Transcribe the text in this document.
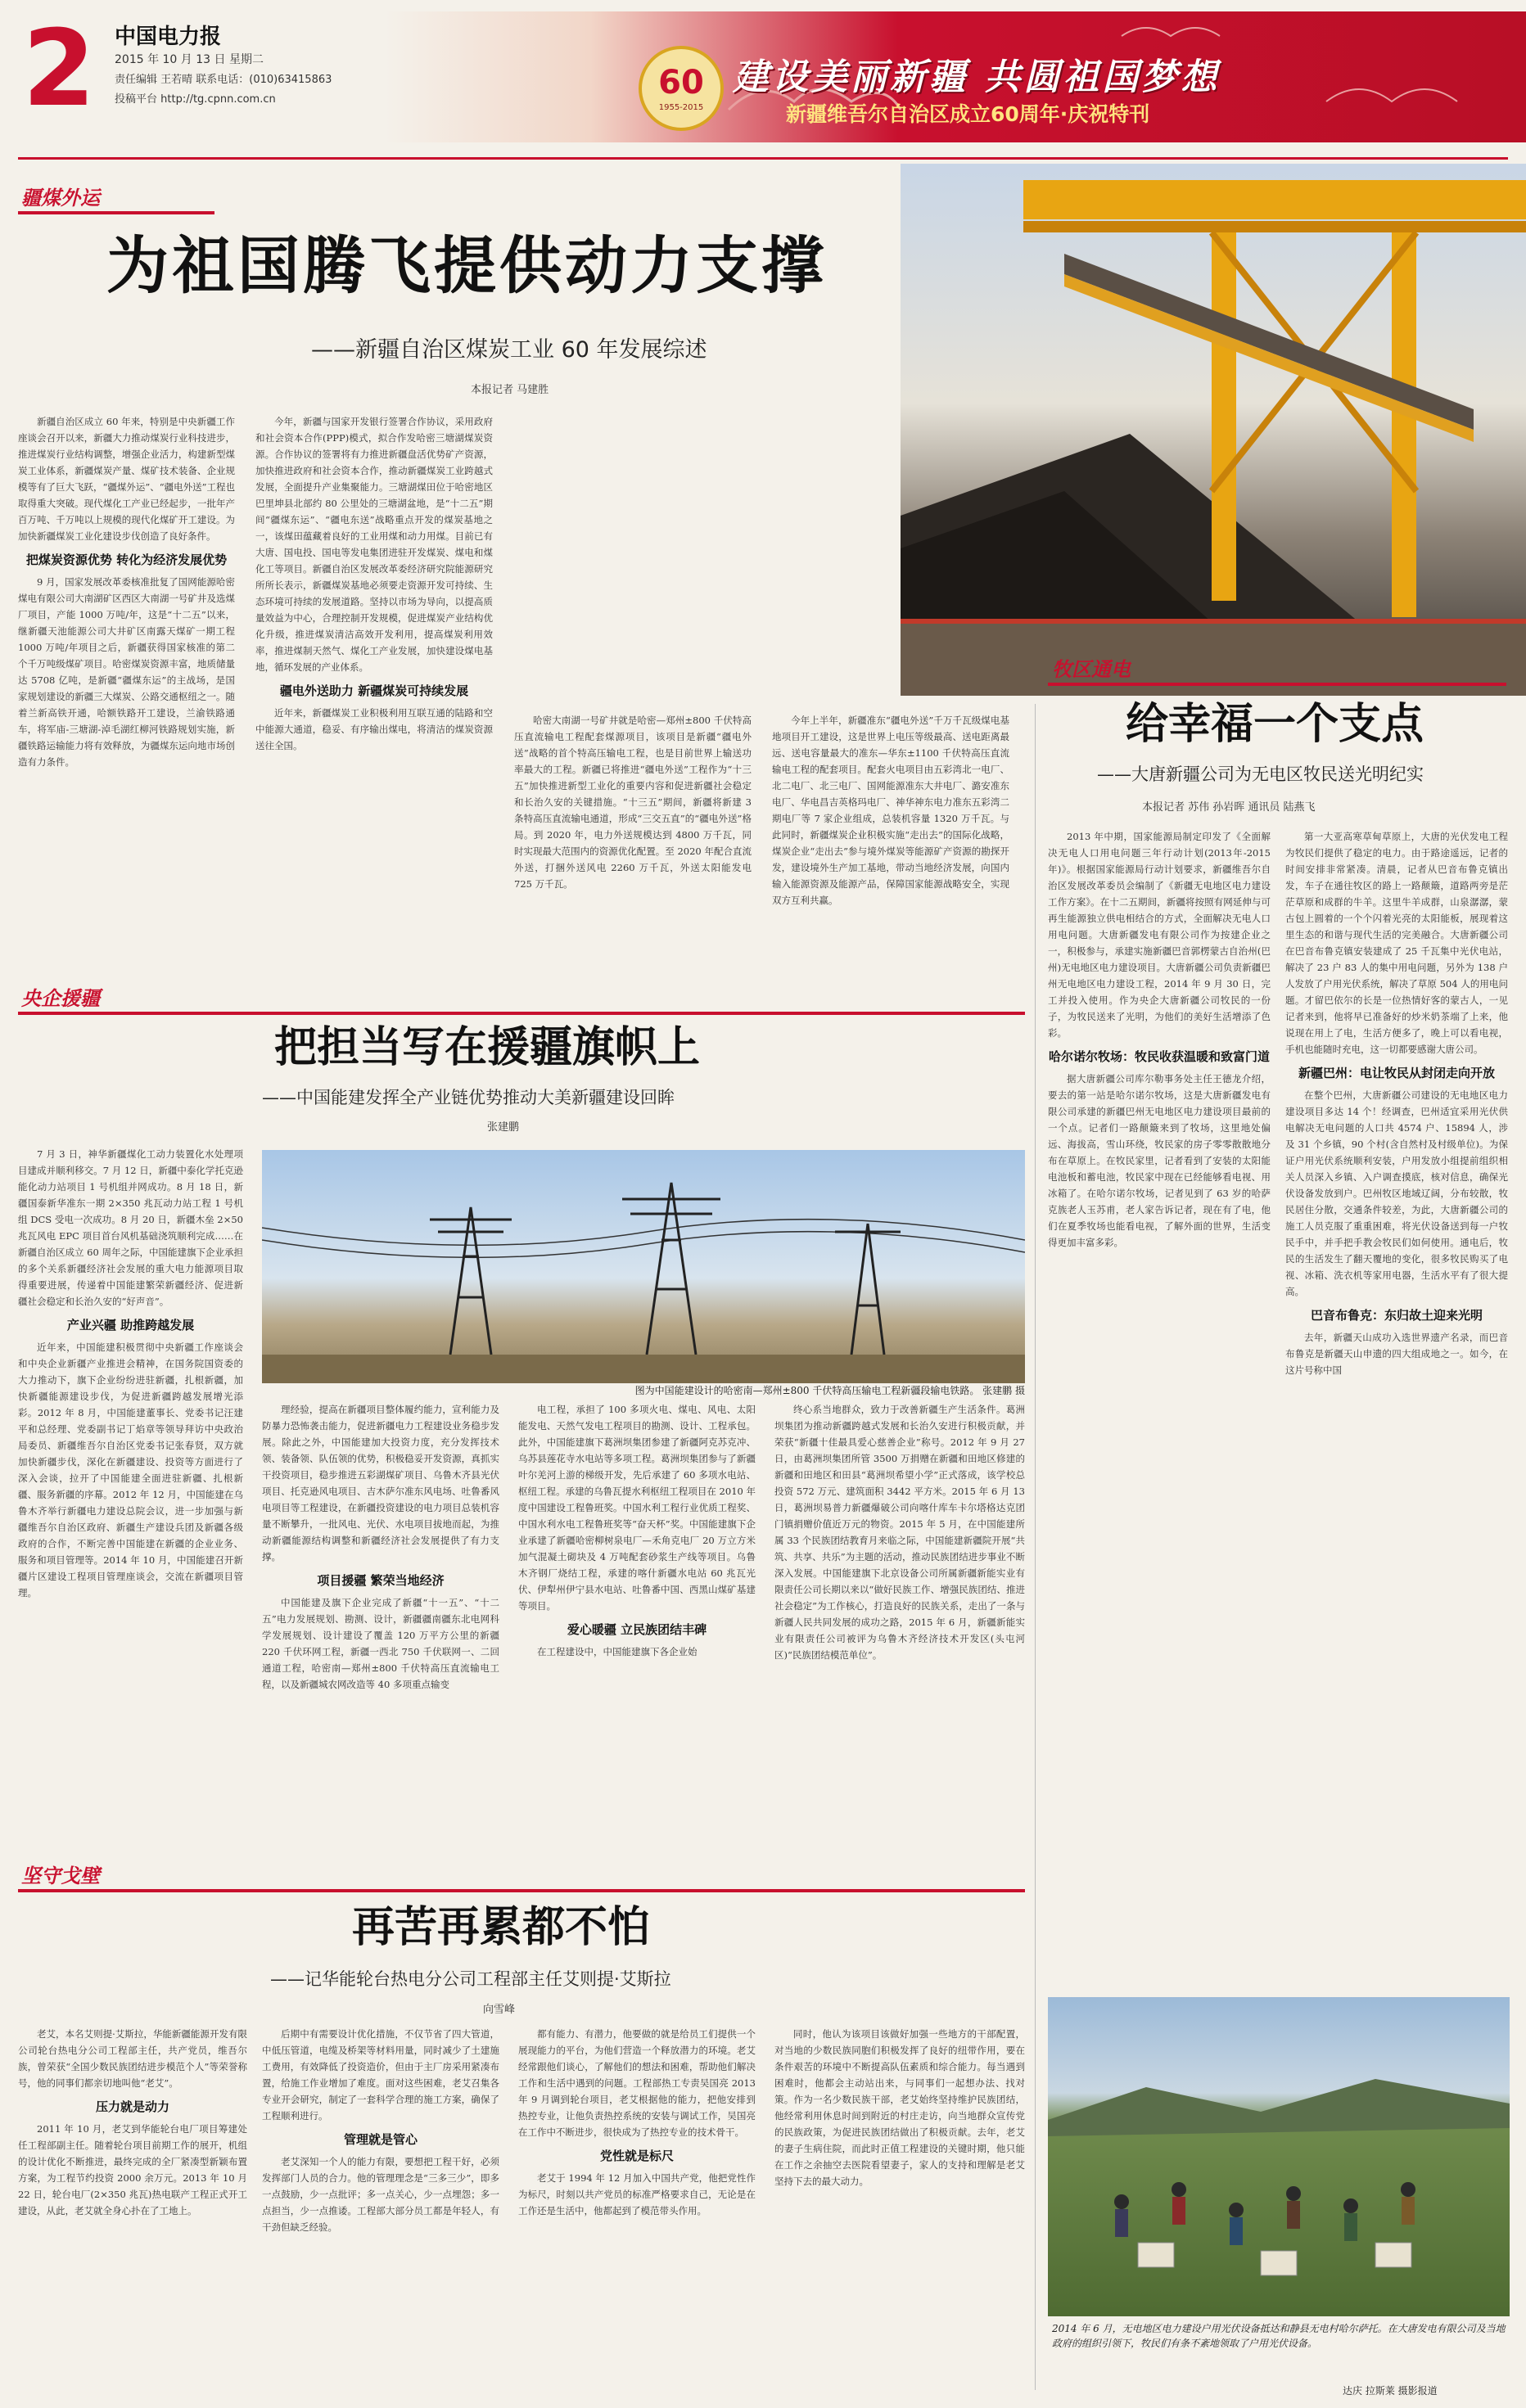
2 中国电力报
2015 年 10 月 13 日 星期二
责任编辑 王若晴 联系电话：(010)63415863
投稿平台 http://tg.cpnn.com.cn	60
1955-2015
建设美丽新疆 共圆祖国梦想
新疆维吾尔自治区成立60周年·庆祝特刊
疆煤外运
为祖国腾飞提供动力支撑
——新疆自治区煤炭工业 60 年发展综述
本报记者 马建胜

新疆自治区成立 60 年来，特别是中央新疆工作座谈会召开以来，新疆大力推动煤炭行业科技进步，推进煤炭行业结构调整，增强企业活力，构建新型煤炭工业体系，新疆煤炭产量、煤矿技术装备、企业规模等有了巨大飞跃，“疆煤外运”、“疆电外送”工程也取得重大突破。现代煤化工产业已经起步，一批年产百万吨、千万吨以上规模的现代化煤矿开工建设。为加快新疆煤炭工业化建设步伐创造了良好条件。

把煤炭资源优势 转化为经济发展优势

9 月，国家发展改革委核准批复了国网能源哈密煤电有限公司大南湖矿区西区大南湖一号矿井及选煤厂项目，产能 1000 万吨/年，这是“十二五”以来，继新疆天池能源公司大井矿区南露天煤矿一期工程 1000 万吨/年项目之后，新疆获得国家核准的第二个千万吨级煤矿项目。哈密煤炭资源丰富，地质储量达 5708 亿吨，是新疆“疆煤东运”的主战场，是国家规划建设的新疆三大煤炭、公路交通枢纽之一。随着兰新高铁开通，哈额铁路开工建设，兰渝铁路通车，将军庙-三塘湖-淖毛湖红柳河铁路规划实施，新疆铁路运输能力将有效释放，为疆煤东运向地市场创造有力条件。

今年，新疆与国家开发银行签署合作协议，采用政府和社会资本合作(PPP)模式，拟合作发哈密三塘湖煤炭资源。合作协议的签署将有力推进新疆盘活优势矿产资源，加快推进政府和社会资本合作，推动新疆煤炭工业跨越式发展，全面提升产业集聚能力。三塘湖煤田位于哈密地区巴里坤县北部约 80 公里处的三塘湖盆地，是“十二五”期间“疆煤东运”、“疆电东送”战略重点开发的煤炭基地之一，该煤田蕴藏着良好的工业用煤和动力用煤。目前已有大唐、国电投、国电等发电集团进驻开发煤炭、煤电和煤化工等项目。新疆自治区发展改革委经济研究院能源研究所所长表示，新疆煤炭基地必须要走资源开发可持续、生态环境可持续的发展道路。坚持以市场为导向，以提高质量效益为中心，合理控制开发规模，促进煤炭产业结构优化升级，推进煤炭清洁高效开发利用，提高煤炭利用效率，推进煤制天然气、煤化工产业发展，加快建设煤电基地，循环发展的产业体系。

疆电外送助力 新疆煤炭可持续发展

近年来，新疆煤炭工业积极利用互联互通的陆路和空中能源大通道，稳妥、有序输出煤电，将清洁的煤炭资源送往全国。

哈密大南湖一号矿井就是哈密—郑州±800 千伏特高压直流输电工程配套煤源项目，该项目是新疆“疆电外送”战略的首个特高压输电工程，也是目前世界上输送功率最大的工程。新疆已将推进“疆电外送”工程作为“十三五”加快推进新型工业化的重要内容和促进新疆社会稳定和长治久安的关键措施。“十三五”期间，新疆将新建 3 条特高压直流输电通道，形成“三交五直”的“疆电外送”格局。到 2020 年，电力外送规模达到 4800 万千瓦，同时实现最大范围内的资源优化配置。至 2020 年配合直流外送，打捆外送风电 2260 万千瓦，外送太阳能发电 725 万千瓦。

今年上半年，新疆准东“疆电外送”千万千瓦级煤电基地项目开工建设，这是世界上电压等级最高、送电距离最远、送电容量最大的准东—华东±1100 千伏特高压直流输电工程的配套项目。配套火电项目由五彩湾北一电厂、北二电厂、北三电厂、国网能源准东大井电厂、潞安准东电厂、华电昌吉英格玛电厂、神华神东电力准东五彩湾二期电厂等 7 家企业组成，总装机容量 1320 万千瓦。与此同时，新疆煤炭企业积极实施“走出去”的国际化战略，煤炭企业“走出去”参与境外煤炭等能源矿产资源的勘探开发，建设境外生产加工基地，带动当地经济发展，向国内输入能源资源及能源产品，保障国家能源战略安全，实现双方互利共赢。

牧区通电
给幸福一个支点
——大唐新疆公司为无电区牧民送光明纪实
本报记者 苏伟 孙岩晖 通讯员 陆燕飞

2013 年中期，国家能源局制定印发了《全面解决无电人口用电问题三年行动计划(2013年-2015年)》。根据国家能源局行动计划要求，新疆维吾尔自治区发展改革委员会编制了《新疆无电地区电力建设工作方案》。在十二五期间，新疆将按照有网延伸与可再生能源独立供电相结合的方式，全面解决无电人口用电问题。大唐新疆发电有限公司作为按建企业之一，积极参与，承建实施新疆巴音郭楞蒙古自治州(巴州)无电地区电力建设项目。大唐新疆公司负责新疆巴州无电地区电力建设工程，2014 年 9 月 30 日，完工并投入使用。作为央企大唐新疆公司牧民的一份子，为牧民送来了光明，为他们的美好生活增添了色彩。

哈尔诺尔牧场：牧民收获温暖和致富门道

据大唐新疆公司库尔勒事务处主任王德龙介绍，要去的第一站是哈尔诺尔牧场，这是大唐新疆发电有限公司承建的新疆巴州无电地区电力建设项目最前的一个点。记者们一路颠簸来到了牧场，这里地处偏远、海拔高，雪山环绕，牧民家的房子零零散散地分布在草原上。在牧民家里，记者看到了安装的太阳能电池板和蓄电池，牧民家中现在已经能够看电视、用冰箱了。在哈尔诺尔牧场，记者见到了 63 岁的哈萨克族老人玉苏甫，老人家告诉记者，现在有了电，他们在夏季牧场也能看电视，了解外面的世界，生活变得更加丰富多彩。

第一大亚高寒草甸草原上，大唐的光伏发电工程为牧民们提供了稳定的电力。由于路途遥远，记者的时间安排非常紧凑。清晨，记者从巴音布鲁克镇出发，车子在通往牧区的路上一路颠簸，道路两旁是茫茫草原和成群的牛羊。这里牛羊成群，山泉潺潺，蒙古包上圆着的一个个闪着光亮的太阳能板，展现着这里生态的和谐与现代生活的完美融合。大唐新疆公司在巴音布鲁克镇安装建成了 25 千瓦集中光伏电站，解决了 23 户 83 人的集中用电问题，另外为 138 户人发放了户用光伏系统，解决了草原 504 人的用电问题。才留巴依尔的长是一位热情好客的蒙古人，一见记者来到，他将早已准备好的炒米奶茶端了上来，他说现在用上了电，生活方便多了，晚上可以看电视，手机也能随时充电，这一切都要感谢大唐公司。

新疆巴州：电让牧民从封闭走向开放

在整个巴州，大唐新疆公司建设的无电地区电力建设项目多达 14 个！经调查，巴州适宜采用光伏供电解决无电问题的人口共 4574 户、15894 人，涉及 31 个乡镇，90 个村(含自然村及村级单位)。为保证户用光伏系统顺利安装，户用发放小组提前组织相关人员深入乡镇、入户调查摸底，核对信息，确保光伏设备发放到户。巴州牧区地域辽阔，分布较散，牧民居住分散，交通条件较差，为此，大唐新疆公司的施工人员克服了重重困难，将光伏设备送到每一户牧民手中，并手把手教会牧民们如何使用。通电后，牧民的生活发生了翻天覆地的变化，很多牧民购买了电视、冰箱、洗衣机等家用电器，生活水平有了很大提高。

巴音布鲁克：东归故土迎来光明

去年，新疆天山成功入选世界遗产名录，而巴音布鲁克是新疆天山申遗的四大组成地之一。如今，在这片号称中国

2014 年 6 月，无电地区电力建设户用光伏设备抵达和静县无电村哈尔萨托。在大唐发电有限公司及当地政府的组织引领下，牧民们有条不紊地领取了户用光伏设备。
达庆 拉斯莱 摄影报道
央企援疆
把担当写在援疆旗帜上
——中国能建发挥全产业链优势推动大美新疆建设回眸
张建鹏

7 月 3 日，神华新疆煤化工动力装置化水处理项目建成并顺利移交。7 月 12 日，新疆中泰化学托克逊能化动力站项目 1 号机组并网成功。8 月 18 日，新疆国泰新华准东一期 2×350 兆瓦动力站工程 1 号机组 DCS 受电一次成功。8 月 20 日，新疆木垒 2×50 兆瓦风电 EPC 项目首台风机基础浇筑顺利完成……在新疆自治区成立 60 周年之际，中国能建旗下企业承担的多个关系新疆经济社会发展的重大电力能源项目取得重要进展，传递着中国能建繁荣新疆经济、促进新疆社会稳定和长治久安的“好声音”。

产业兴疆 助推跨越发展

近年来，中国能建积极贯彻中央新疆工作座谈会和中央企业新疆产业推进会精神，在国务院国资委的大力推动下，旗下企业纷纷进驻新疆，扎根新疆，加快新疆能源建设步伐，为促进新疆跨越发展增光添彩。2012 年 8 月，中国能建董事长、党委书记汪建平和总经理、党委副书记丁焰章等领导拜访中央政治局委员、新疆维吾尔自治区党委书记张春贤，双方就加快新疆步伐，深化在新疆建设、投资等方面进行了深入会谈，拉开了中国能建全面进驻新疆、扎根新疆、服务新疆的序幕。2012 年 12 月，中国能建在乌鲁木齐举行新疆电力建设总院会议，进一步加强与新疆维吾尔自治区政府、新疆生产建设兵团及新疆各级政府的合作，不断完善中国能建在新疆的企业业务、服务和项目管理等。2014 年 10 月，中国能建召开新疆片区建设工程项目管理座谈会，交流在新疆项目管理。

图为中国能建设计的哈密南—郑州±800 千伏特高压输电工程新疆段输电铁路。 张建鹏 摄

理经验，提高在新疆项目整体履约能力，宣利能力及防暴力恐怖袭击能力，促进新疆电力工程建设业务稳步发展。除此之外，中国能建加大投资力度，充分发挥技术领、装备领、队伍领的优势，积极稳妥开发资源，真抓实干投资项目，稳步推进五彩湖煤矿项目、乌鲁木齐县光伏项目、托克逊风电项目、吉木萨尔准东风电场、吐鲁番风电项目等工程建设，在新疆投资建设的电力项目总装机容量不断攀升，一批风电、光伏、水电项目拔地而起，为推动新疆能源结构调整和新疆经济社会发展提供了有力支撑。

项目援疆 繁荣当地经济

中国能建及旗下企业完成了新疆“十一五”、“十二五”电力发展规划、勘测、设计，新疆疆南疆东北电网科学发展规划、设计建设了覆盖 120 万平方公里的新疆 220 千伏环网工程，新疆一西北 750 千伏联网一、二回通道工程，哈密南—郑州±800 千伏特高压直流输电工程，以及新疆城农网改造等 40 多项重点输变

电工程，承担了 100 多项火电、煤电、风电、太阳能发电、天然气发电工程项目的勘测、设计、工程承包。此外，中国能建旗下葛洲坝集团参建了新疆阿克苏克冲、乌苏县莲花寺水电站等多项工程。葛洲坝集团参与了新疆叶尔羌河上游的梯级开发，先后承建了 60 多项水电站、枢纽工程。承建的乌鲁瓦提水利枢纽工程项目在 2010 年度中国建设工程鲁班奖。中国水利工程行业优质工程奖、中国水利水电工程鲁班奖等“奋天杯”奖。中国能建旗下企业承建了新疆哈密柳树泉电厂—禾角克电厂 20 万立方米加气混凝土砌块及 4 万吨配套砂浆生产线等项目。乌鲁木齐钢厂烧结工程，承建的喀什新疆水电站 60 兆瓦光伏、伊犁州伊宁县水电站、吐鲁番中国、西黑山煤矿基建等项目。

爱心暖疆 立民族团结丰碑

在工程建设中，中国能建旗下各企业始

终心系当地群众，致力于改善新疆生产生活条件。葛洲坝集团为推动新疆跨越式发展和长治久安进行积极贡献，并荣获“新疆十佳最具爱心慈善企业”称号。2012 年 9 月 27 日，由葛洲坝集团所管 3500 万捐赠在新疆和田地区修建的新疆和田地区和田县“葛洲坝希望小学”正式落成，该学校总投资 572 万元、建筑面积 3442 平方米。2015 年 6 月 13 日，葛洲坝易普力新疆爆破公司向喀什库车卡尔塔格达克团门镇捐赠价值近万元的物资。2015 年 5 月，在中国能建所属 33 个民族团结教育月来临之际，中国能建新疆院开展“共筑、共享、共乐”为主题的活动，推动民族团结进步事业不断深入发展。中国能建旗下北京设备公司所属新疆新能实业有限责任公司长期以来以“做好民族工作、增强民族团结、推进社会稳定”为工作核心，打造良好的民族关系，走出了一条与新疆人民共同发展的成功之路，2015 年 6 月，新疆新能实业有限责任公司被评为乌鲁木齐经济技术开发区(头屯河区)“民族团结模范单位”。

坚守戈壁
再苦再累都不怕
——记华能轮台热电分公司工程部主任艾则提·艾斯拉
向雪峰

老艾，本名艾则提·艾斯拉，华能新疆能源开发有限公司轮台热电分公司工程部主任，共产党员，维吾尔族，曾荣获“全国少数民族团结进步模范个人”等荣誉称号，他的同事们都亲切地叫他“老艾”。

压力就是动力

2011 年 10 月，老艾到华能轮台电厂项目筹建处任工程部副主任。随着轮台项目前期工作的展开，机组的设计优化不断推进，最终完成的全厂紧凑型新颖布置方案，为工程节约投资 2000 余万元。2013 年 10 月 22 日，轮台电厂(2×350 兆瓦)热电联产工程正式开工建设，从此，老艾就全身心扑在了工地上。

后期中有需要设计优化措施，不仅节省了四大管道，中低压管道，电缆及桥架等材料用量，同时减少了土建施工费用，有效降低了投资造价，但由于主厂房采用紧凑布置，给施工作业增加了难度。面对这些困难，老艾召集各专业开会研究，制定了一套科学合理的施工方案，确保了工程顺利进行。

管理就是管心

老艾深知一个人的能力有限，要想把工程干好，必须发挥部门人员的合力。他的管理理念是“三多三少”，即多一点鼓励，少一点批评；多一点关心，少一点埋怨；多一点担当，少一点推诿。工程部大部分员工都是年轻人，有干劲但缺乏经验。

都有能力、有潜力，他要做的就是给员工们提供一个展现能力的平台，为他们营造一个释放潜力的环境。老艾经常跟他们谈心，了解他们的想法和困难，帮助他们解决工作和生活中遇到的问题。工程部热工专责吴国亮 2013 年 9 月调到轮台项目，老艾根据他的能力，把他安排到热控专业，让他负责热控系统的安装与调试工作，吴国亮在工作中不断进步，很快成为了热控专业的技术骨干。

党性就是标尺

老艾于 1994 年 12 月加入中国共产党，他把党性作为标尺，时刻以共产党员的标准严格要求自己，无论是在工作还是生活中，他都起到了模范带头作用。

同时，他认为该项目该做好加强一些地方的干部配置，对当地的少数民族同胞们积极发挥了良好的纽带作用，要在条件艰苦的环境中不断提高队伍素质和综合能力。每当遇到困难时，他都会主动站出来，与同事们一起想办法、找对策。作为一名少数民族干部，老艾始终坚持维护民族团结，他经常利用休息时间到附近的村庄走访，向当地群众宣传党的民族政策，为促进民族团结做出了积极贡献。去年，老艾的妻子生病住院，而此时正值工程建设的关键时期，他只能在工作之余抽空去医院看望妻子，家人的支持和理解是老艾坚持下去的最大动力。
